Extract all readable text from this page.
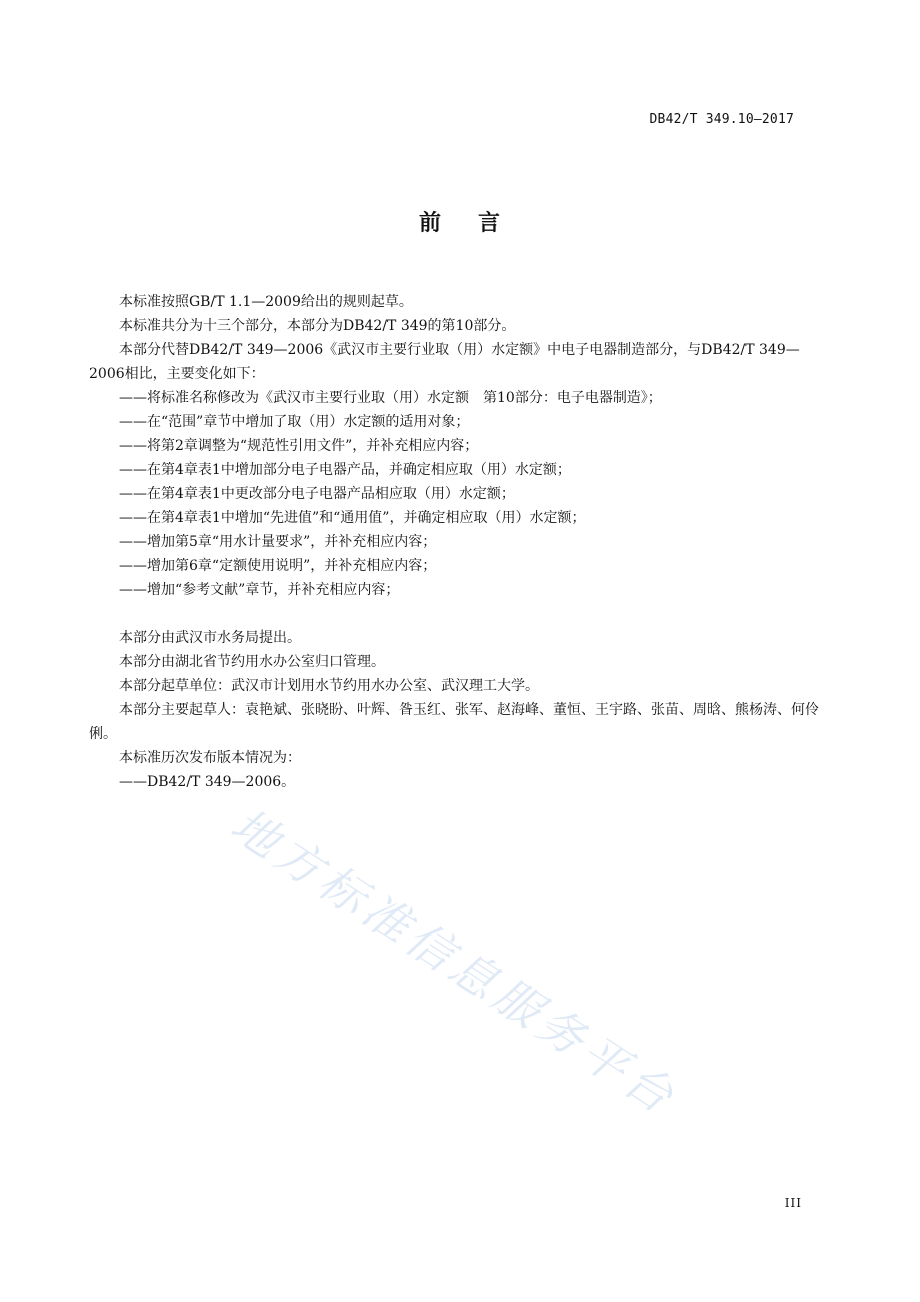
DB42/T 349.10—2017
前 言

本标准按照GB/T 1.1—2009给出的规则起草。

本标准共分为十三个部分，本部分为DB42/T 349的第10部分。

本部分代替DB42/T 349—2006《武汉市主要行业取（用）水定额》中电子电器制造部分，与DB42/T 349—2006相比，主要变化如下：

——将标准名称修改为《武汉市主要行业取（用）水定额　第10部分：电子电器制造》；

——在“范围”章节中增加了取（用）水定额的适用对象；

——将第2章调整为“规范性引用文件”，并补充相应内容；

——在第4章表1中增加部分电子电器产品，并确定相应取（用）水定额；

——在第4章表1中更改部分电子电器产品相应取（用）水定额；

——在第4章表1中增加“先进值”和“通用值”，并确定相应取（用）水定额；

——增加第5章“用水计量要求”，并补充相应内容；

——增加第6章“定额使用说明”，并补充相应内容；

——增加“参考文献”章节，并补充相应内容；

本部分由武汉市水务局提出。

本部分由湖北省节约用水办公室归口管理。

本部分起草单位：武汉市计划用水节约用水办公室、武汉理工大学。

本部分主要起草人：袁艳斌、张晓盼、叶辉、昝玉红、张军、赵海峰、董恒、王宇路、张苗、周晗、熊杨涛、何伶俐。

本标准历次发布版本情况为：

——DB42/T 349—2006。

地方标准信息服务平台
III
